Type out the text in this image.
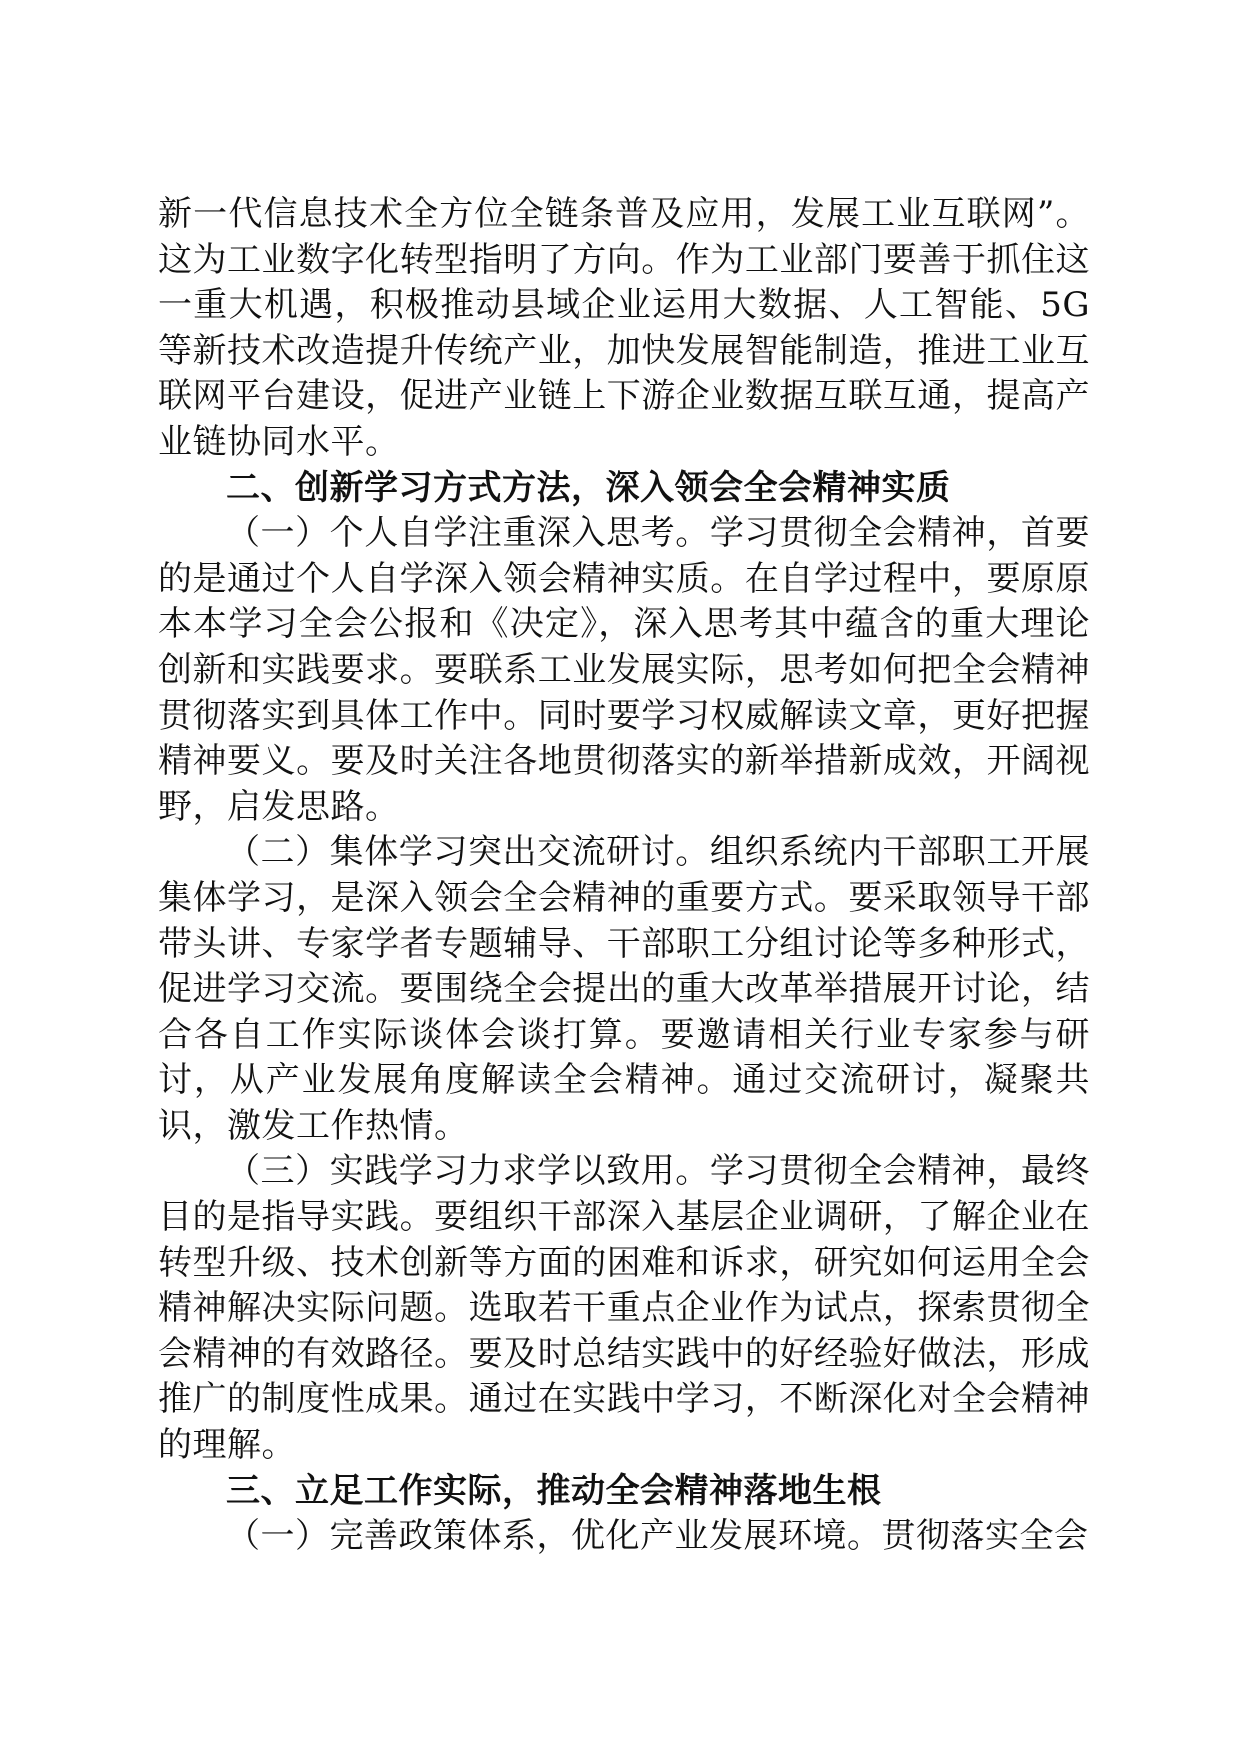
新一代信息技术全方位全链条普及应用，发展工业互联网”。这为工业数字化转型指明了方向。作为工业部门要善于抓住这一重大机遇，积极推动县域企业运用大数据、人工智能、5G等新技术改造提升传统产业，加快发展智能制造，推进工业互联网平台建设，促进产业链上下游企业数据互联互通，提高产业链协同水平。

二、创新学习方式方法，深入领会全会精神实质

（一）个人自学注重深入思考。学习贯彻全会精神，首要的是通过个人自学深入领会精神实质。在自学过程中，要原原本本学习全会公报和《决定》，深入思考其中蕴含的重大理论创新和实践要求。要联系工业发展实际，思考如何把全会精神贯彻落实到具体工作中。同时要学习权威解读文章，更好把握精神要义。要及时关注各地贯彻落实的新举措新成效，开阔视野，启发思路。

（二）集体学习突出交流研讨。组织系统内干部职工开展集体学习，是深入领会全会精神的重要方式。要采取领导干部带头讲、专家学者专题辅导、干部职工分组讨论等多种形式，促进学习交流。要围绕全会提出的重大改革举措展开讨论，结合各自工作实际谈体会谈打算。要邀请相关行业专家参与研讨，从产业发展角度解读全会精神。通过交流研讨，凝聚共识，激发工作热情。

（三）实践学习力求学以致用。学习贯彻全会精神，最终目的是指导实践。要组织干部深入基层企业调研，了解企业在转型升级、技术创新等方面的困难和诉求，研究如何运用全会精神解决实际问题。选取若干重点企业作为试点，探索贯彻全会精神的有效路径。要及时总结实践中的好经验好做法，形成推广的制度性成果。通过在实践中学习，不断深化对全会精神的理解。

三、立足工作实际，推动全会精神落地生根

（一）完善政策体系，优化产业发展环境。贯彻落实全会
